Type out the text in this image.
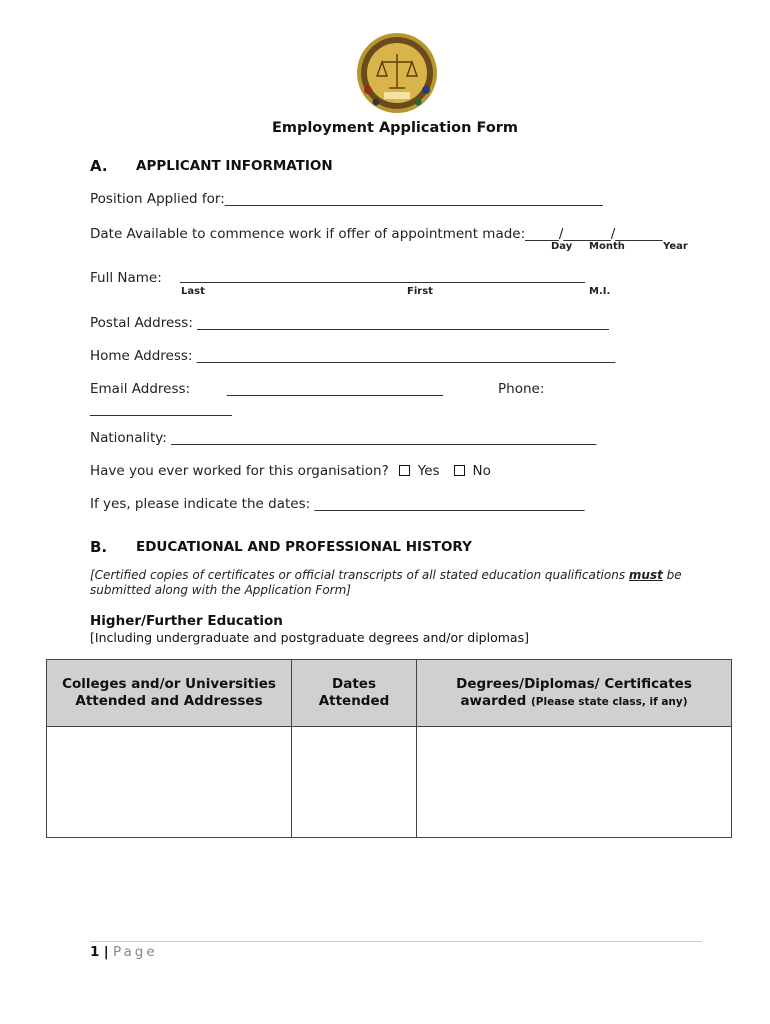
Employment Application Form
A. APPLICANT INFORMATION
Position Applied for:________________________________________________________
Date Available to commence work if offer of appointment made:_____/_______/_______
Day Month	Year
Full Name: ____________________________________________________________
Last	First	M.I.
Postal Address: _____________________________________________________________
Home Address: ______________________________________________________________
Email Address:	________________________________	Phone:
_____________________
Nationality: _______________________________________________________________
Have you ever worked for this organisation? Yes No
If yes, please indicate the dates: ________________________________________
B. EDUCATIONAL AND PROFESSIONAL HISTORY
[Certified copies of certificates or official transcripts of all stated education qualifications must be submitted along with the Application Form]
Higher/Further Education
[Including undergraduate and postgraduate degrees and/or diplomas]
Colleges and/or Universities Attended and Addresses	Dates Attended	Degrees/Diplomas/ Certificates awarded (Please state class, if any)

1 | Page
